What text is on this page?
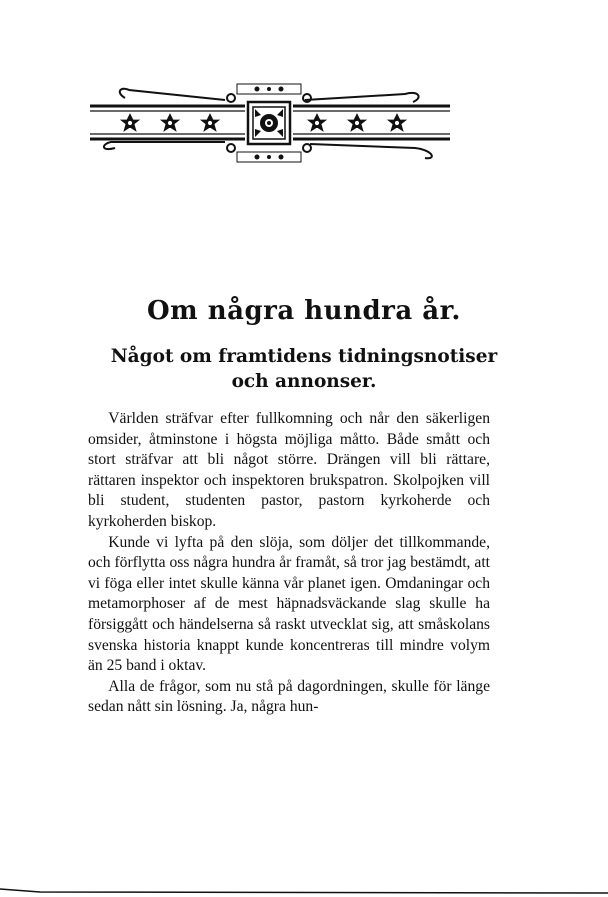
Om några hundra år.
Något om framtidens tidningsnotiser
och annonser.

Världen sträfvar efter fullkomning och når den säkerligen omsider, åtminstone i högsta möjliga måtto. Både smått och stort sträfvar att bli något större. Drängen vill bli rättare, rättaren inspektor och inspektoren brukspatron. Skolpojken vill bli student, studenten pastor, pastorn kyrkoherde och kyrkoherden biskop.

Kunde vi lyfta på den slöja, som döljer det tillkommande, och förflytta oss några hundra år framåt, så tror jag bestämdt, att vi föga eller intet skulle känna vår planet igen. Omdaningar och metamorphoser af de mest häpnadsväckande slag skulle ha försiggått och händelserna så raskt utvecklat sig, att småskolans svenska historia knappt kunde koncentreras till mindre volym än 25 band i oktav.

Alla de frågor, som nu stå på dagordningen, skulle för länge sedan nått sin lösning. Ja, några hun-
